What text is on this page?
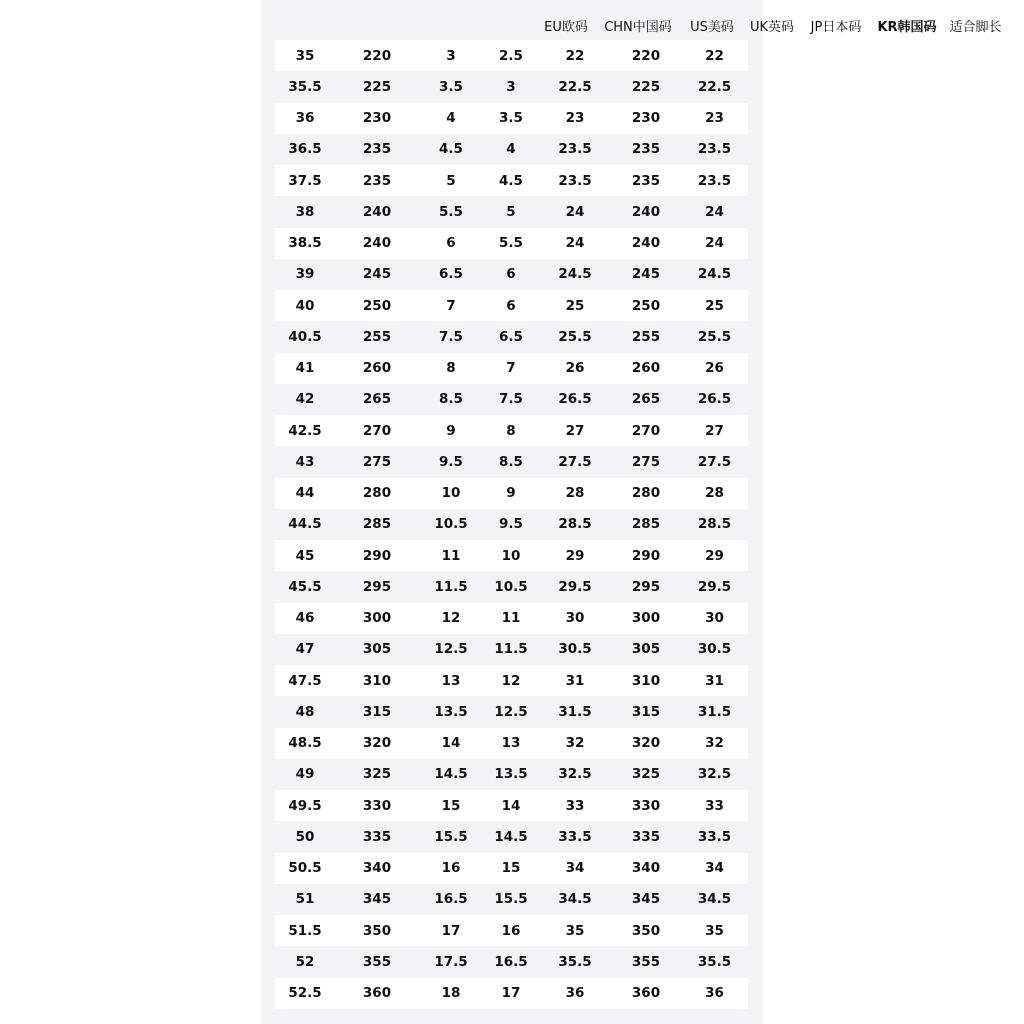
EU欧码	CHN中国码	US美码	UK英码	JP日本码	KR韩国码 适合脚长
35	220	3	2.5	22	220	22
35.5	225	3.5	3	22.5	225	22.5
36	230	4	3.5	23	230	23
36.5	235	4.5	4	23.5	235	23.5
37.5	235	5	4.5	23.5	235	23.5
38	240	5.5	5	24	240	24
38.5	240	6	5.5	24	240	24
39	245	6.5	6	24.5	245	24.5
40	250	7	6	25	250	25
40.5	255	7.5	6.5	25.5	255	25.5
41	260	8	7	26	260	26
42	265	8.5	7.5	26.5	265	26.5
42.5	270	9	8	27	270	27
43	275	9.5	8.5	27.5	275	27.5
44	280	10	9	28	280	28
44.5	285	10.5	9.5	28.5	285	28.5
45	290	11	10	29	290	29
45.5	295	11.5	10.5	29.5	295	29.5
46	300	12	11	30	300	30
47	305	12.5	11.5	30.5	305	30.5
47.5	310	13	12	31	310	31
48	315	13.5	12.5	31.5	315	31.5
48.5	320	14	13	32	320	32
49	325	14.5	13.5	32.5	325	32.5
49.5	330	15	14	33	330	33
50	335	15.5	14.5	33.5	335	33.5
50.5	340	16	15	34	340	34
51	345	16.5	15.5	34.5	345	34.5
51.5	350	17	16	35	350	35
52	355	17.5	16.5	35.5	355	35.5
52.5	360	18	17	36	360	36
